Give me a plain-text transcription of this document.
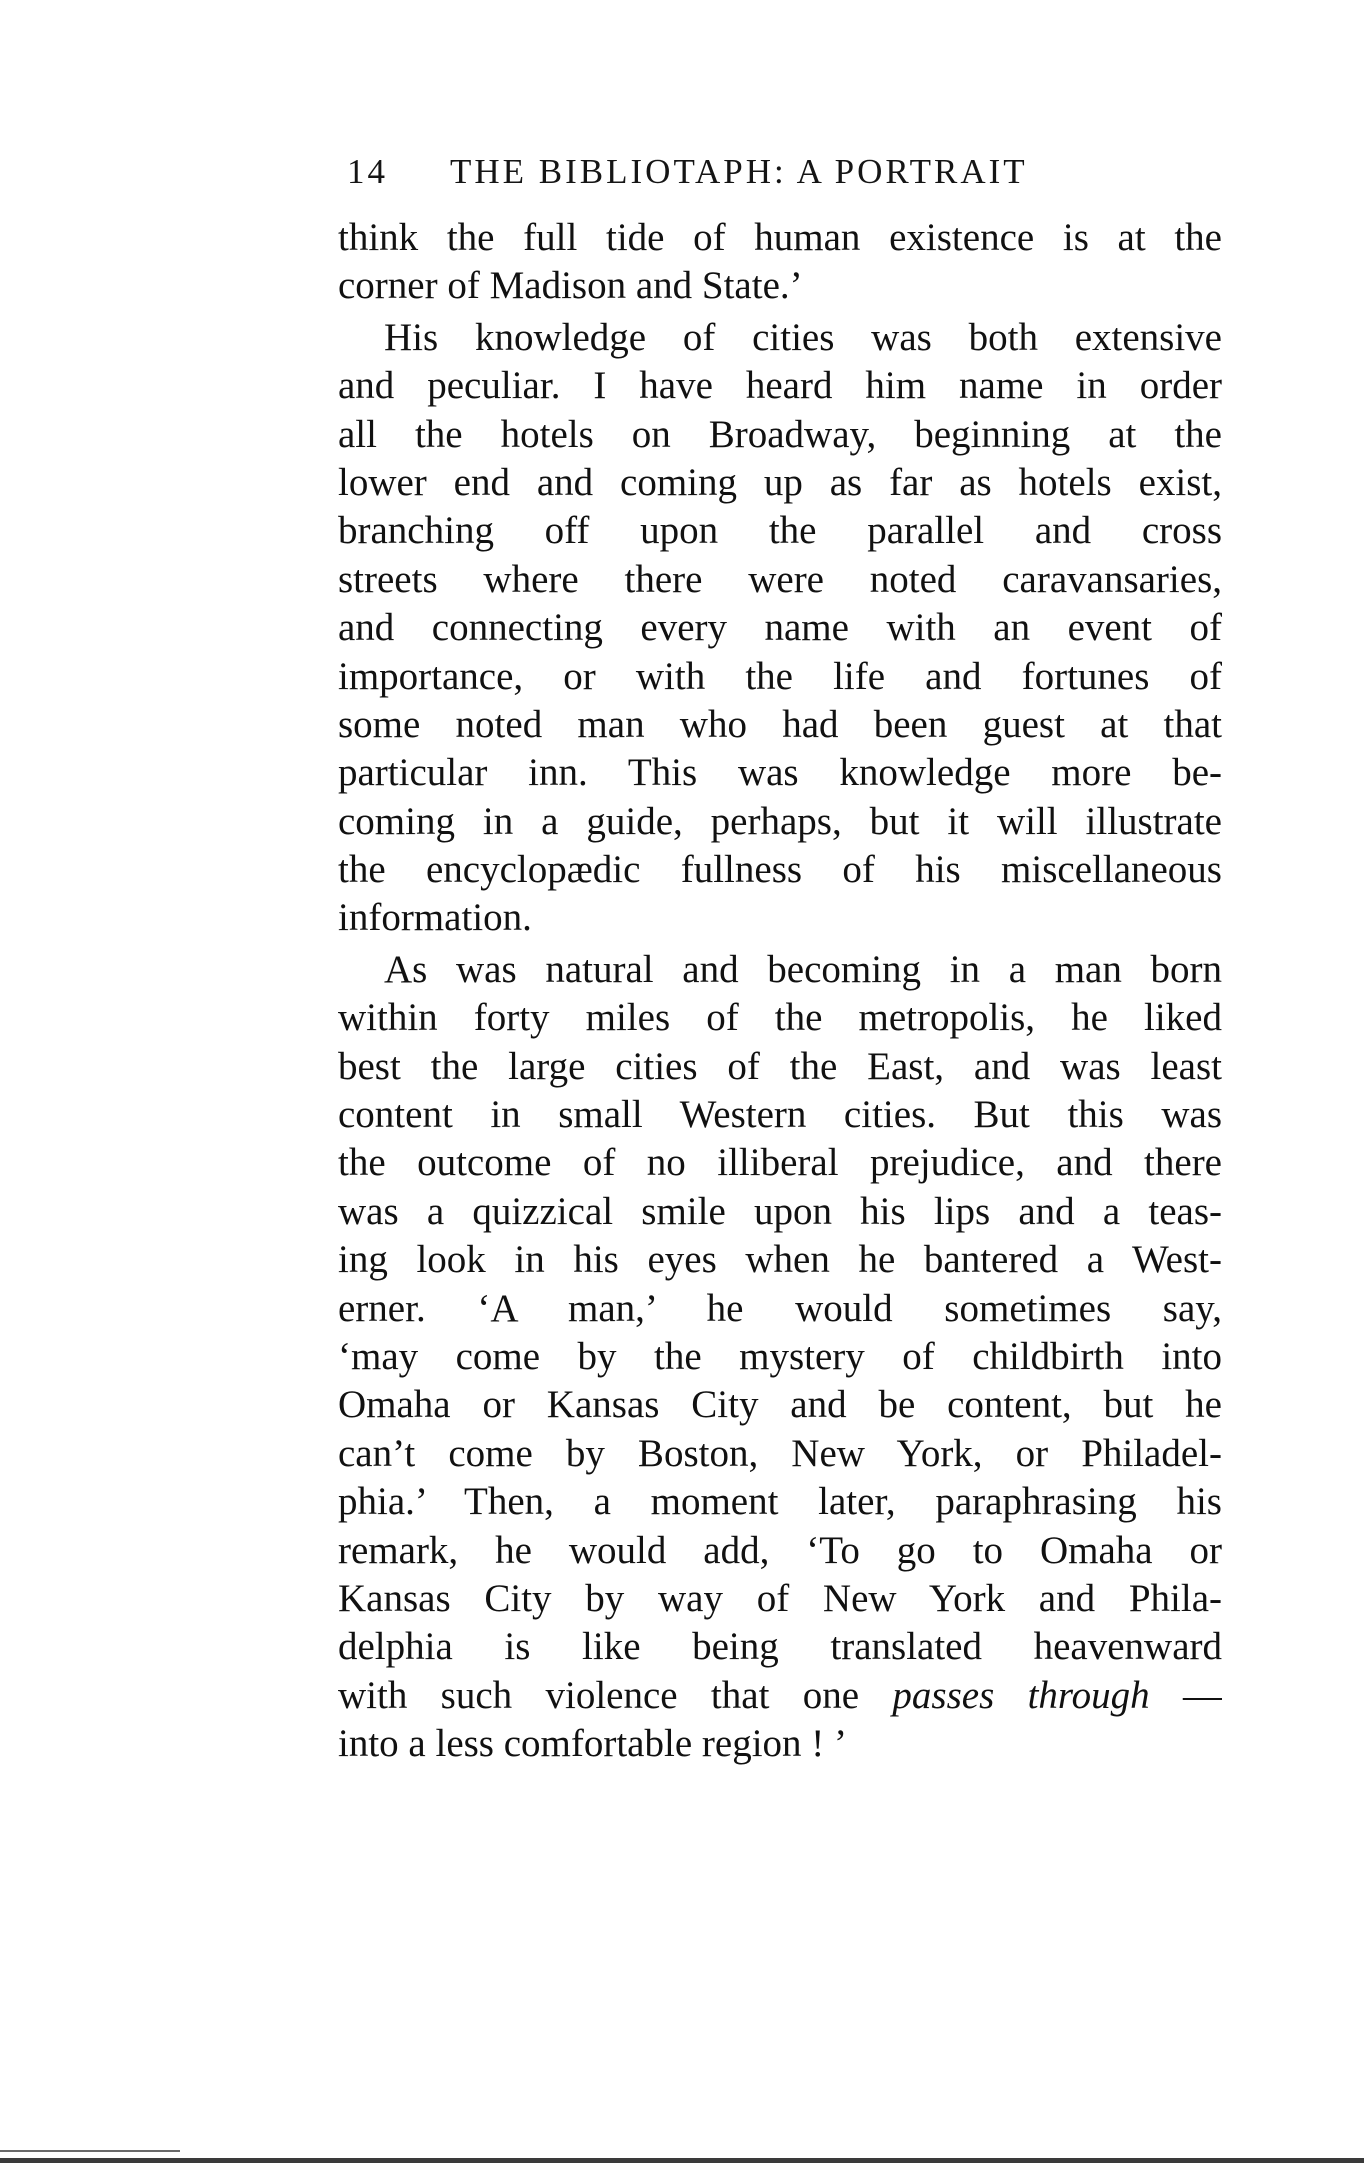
14 THE BIBLIOTAPH: A PORTRAIT
think the full tide of human existence is at the
corner of Madison and State.’
His knowledge of cities was both extensive
and peculiar. I have heard him name in order
all the hotels on Broadway, beginning at the
lower end and coming up as far as hotels exist,
branching off upon the parallel and cross
streets where there were noted caravansaries,
and connecting every name with an event of
importance, or with the life and fortunes of
some noted man who had been guest at that
particular inn. This was knowledge more be-
coming in a guide, perhaps, but it will illustrate
the encyclopædic fullness of his miscellaneous
information.
As was natural and becoming in a man born
within forty miles of the metropolis, he liked
best the large cities of the East, and was least
content in small Western cities. But this was
the outcome of no illiberal prejudice, and there
was a quizzical smile upon his lips and a teas-
ing look in his eyes when he bantered a West-
erner. ‘A man,’ he would sometimes say,
‘may come by the mystery of childbirth into
Omaha or Kansas City and be content, but he
can’t come by Boston, New York, or Philadel-
phia.’ Then, a moment later, paraphrasing his
remark, he would add, ‘To go to Omaha or
Kansas City by way of New York and Phila-
delphia is like being translated heavenward
with such violence that one passes through —
into a less comfortable region ! ’
